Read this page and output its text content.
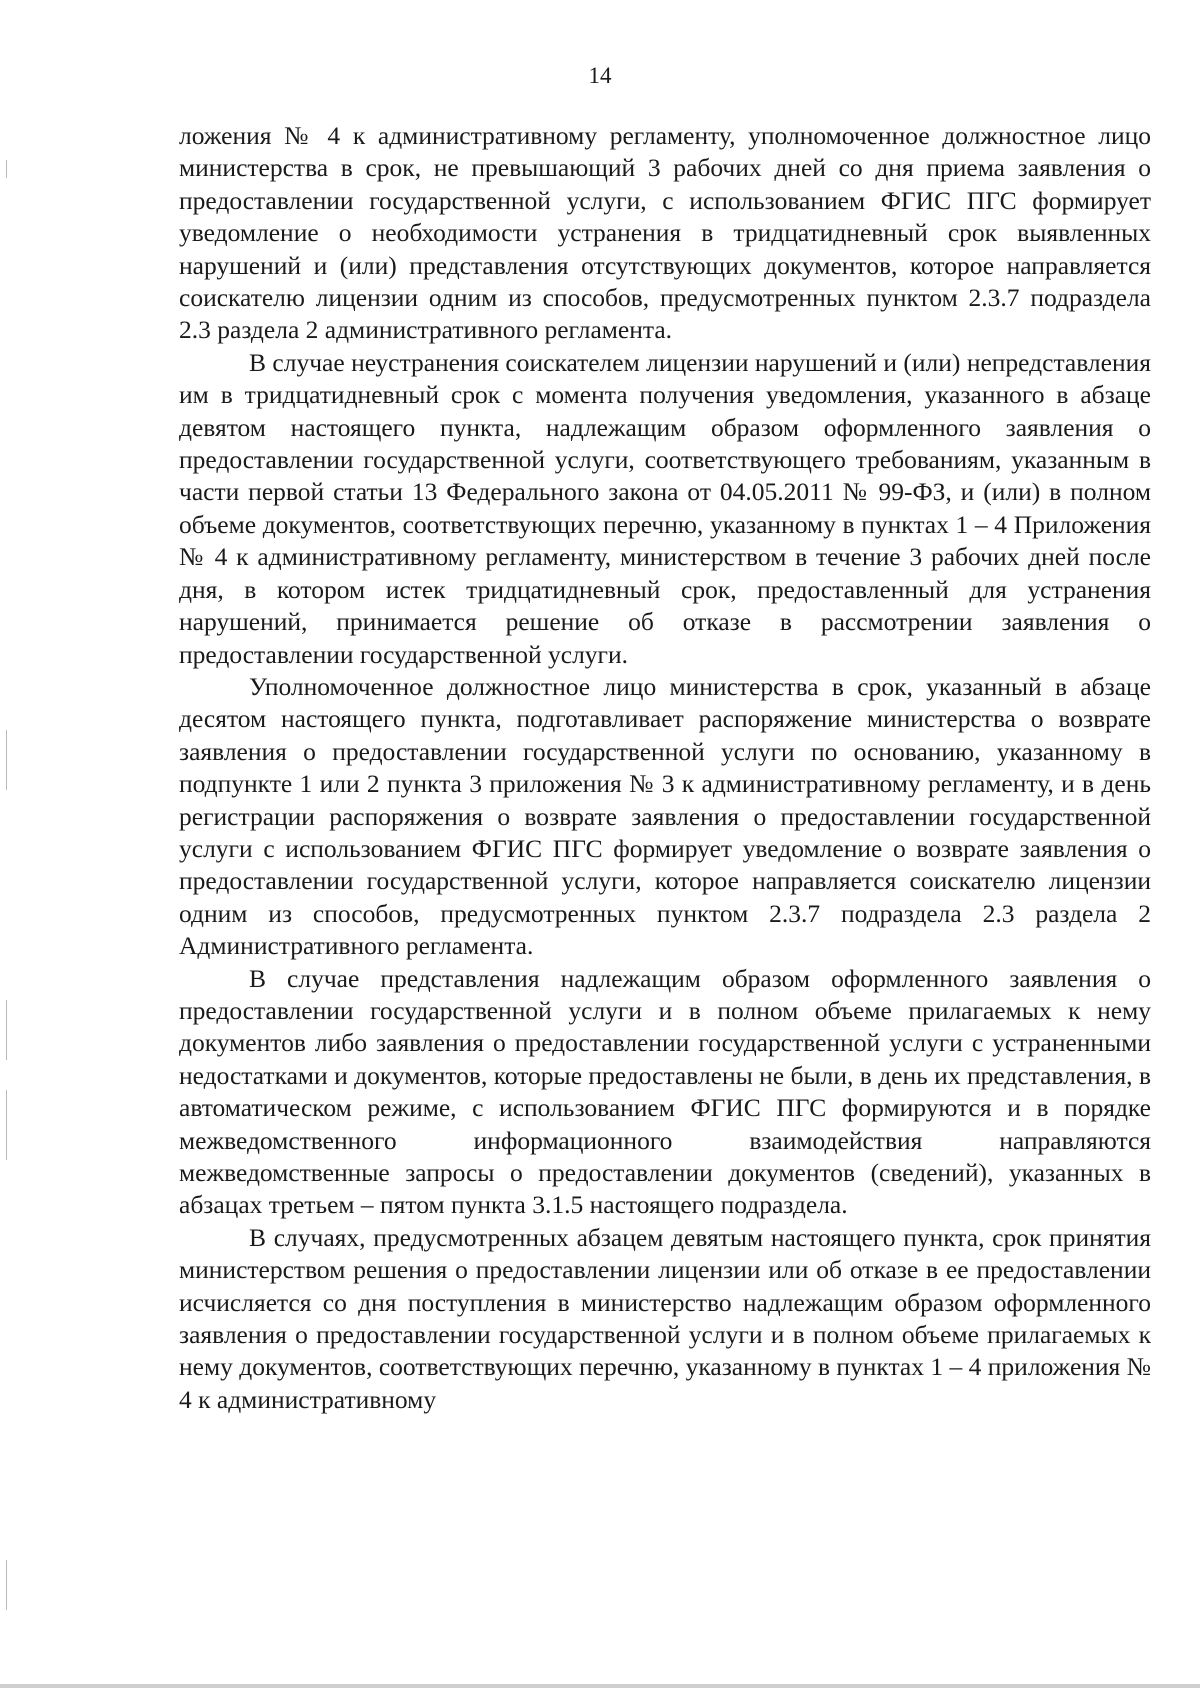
14

ложения № 4 к административному регламенту, уполномоченное должностное лицо министерства в срок, не превышающий 3 рабочих дней со дня приема заявления о предоставлении государственной услуги, с использованием ФГИС ПГС формирует уведомление о необходимости устранения в тридцатидневный срок выявленных нарушений и (или) представления отсутствующих документов, которое направляется соискателю лицензии одним из способов, предусмотренных пунктом 2.3.7 подраздела 2.3 раздела 2 административного регламента.

В случае неустранения соискателем лицензии нарушений и (или) непредставления им в тридцатидневный срок с момента получения уведомления, указанного в абзаце девятом настоящего пункта, надлежащим образом оформленного заявления о предоставлении государственной услуги, соответствующего требованиям, указанным в части первой статьи 13 Федерального закона от 04.05.2011 № 99-ФЗ, и (или) в полном объеме документов, соответствующих перечню, указанному в пунктах 1 – 4 Приложения № 4 к административному регламенту, министерством в течение 3 рабочих дней после дня, в котором истек тридцатидневный срок, предоставленный для устранения нарушений, принимается решение об отказе в рассмотрении заявления о предоставлении государственной услуги.

Уполномоченное должностное лицо министерства в срок, указанный в абзаце десятом настоящего пункта, подготавливает распоряжение министерства о возврате заявления о предоставлении государственной услуги по основанию, указанному в подпункте 1 или 2 пункта 3 приложения № 3 к административному регламенту, и в день регистрации распоряжения о возврате заявления о предоставлении государственной услуги с использованием ФГИС ПГС формирует уведомление о возврате заявления о предоставлении государственной услуги, которое направляется соискателю лицензии одним из способов, предусмотренных пунктом 2.3.7 подраздела 2.3 раздела 2 Административного регламента.

В случае представления надлежащим образом оформленного заявления о предоставлении государственной услуги и в полном объеме прилагаемых к нему документов либо заявления о предоставлении государственной услуги с устраненными недостатками и документов, которые предоставлены не были, в день их представления, в автоматическом режиме, с использованием ФГИС ПГС формируются и в порядке межведомственного информационного взаимодействия направляются межведомственные запросы о предоставлении документов (сведений), указанных в абзацах третьем – пятом пункта 3.1.5 настоящего подраздела.

В случаях, предусмотренных абзацем девятым настоящего пункта, срок принятия министерством решения о предоставлении лицензии или об отказе в ее предоставлении исчисляется со дня поступления в министерство надлежащим образом оформленного заявления о предоставлении государственной услуги и в полном объеме прилагаемых к нему документов, соответствующих перечню, указанному в пунктах 1 – 4 приложения № 4 к административному
